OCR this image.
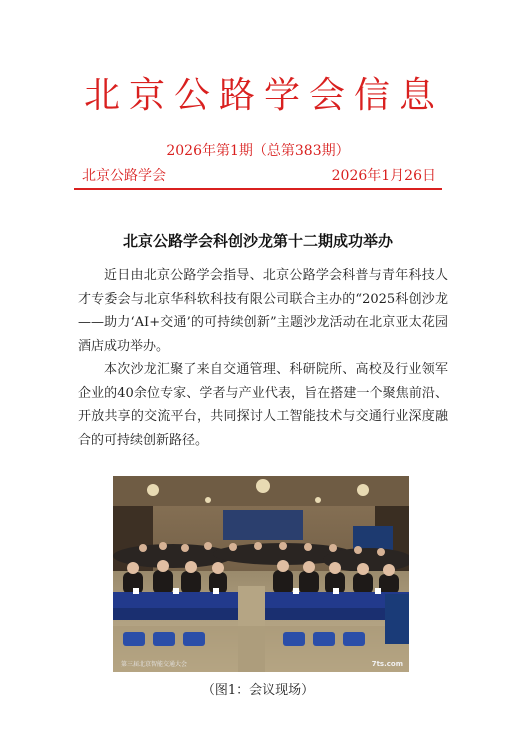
北京公路学会信息
2026年第1期（总第383期）
北京公路学会	2026年1月26日
北京公路学会科创沙龙第十二期成功举办

近日由北京公路学会指导、北京公路学会科普与青年科技人才专委会与北京华科软科技有限公司联合主办的“2025科创沙龙——助力‘AI+交通’的可持续创新”主题沙龙活动在北京亚太花园酒店成功举办。

本次沙龙汇聚了来自交通管理、科研院所、高校及行业领军企业的40余位专家、学者与产业代表，旨在搭建一个聚焦前沿、开放共享的交流平台，共同探讨人工智能技术与交通行业深度融合的可持续创新路径。

第三届北京智能交通大会	7ts.com
（图1：会议现场）
